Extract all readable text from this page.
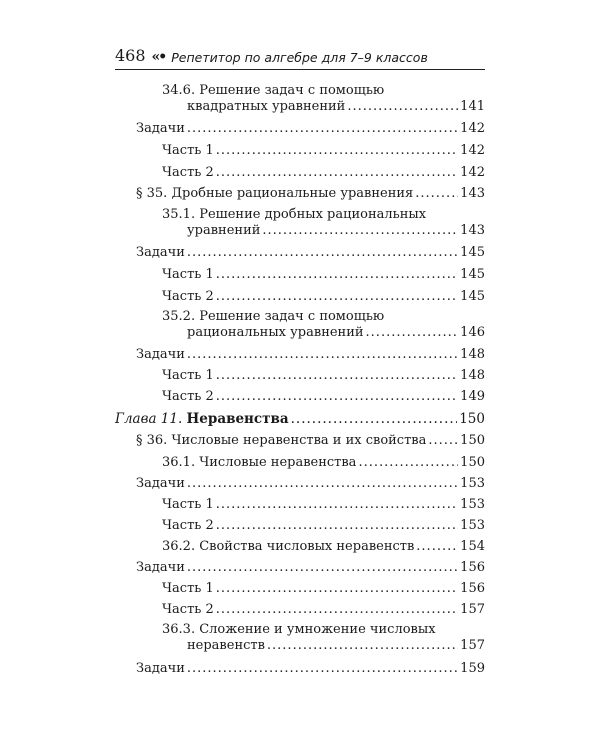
468 «• Репетитор по алгебре для 7–9 классов
34.6. Решение задач с помощью
квадратных уравнений .....	141
Задачи .....	142
Часть 1 .....	142
Часть 2 .....	142
§ 35. Дробные рациональные уравнения .....	143
35.1. Решение дробных рациональных
уравнений .....	143
Задачи .....	145
Часть 1 .....	145
Часть 2 .....	145
35.2. Решение задач с помощью
рациональных уравнений .....	146
Задачи .....	148
Часть 1 .....	148
Часть 2 .....	149
Глава 11. Неравенства .....	150
§ 36. Числовые неравенства и их свойства .....	150
36.1. Числовые неравенства .....	150
Задачи .....	153
Часть 1 .....	153
Часть 2 .....	153
36.2. Свойства числовых неравенств .....	154
Задачи .....	156
Часть 1 .....	156
Часть 2 .....	157
36.3. Сложение и умножение числовых
неравенств .....	157
Задачи .....	159
